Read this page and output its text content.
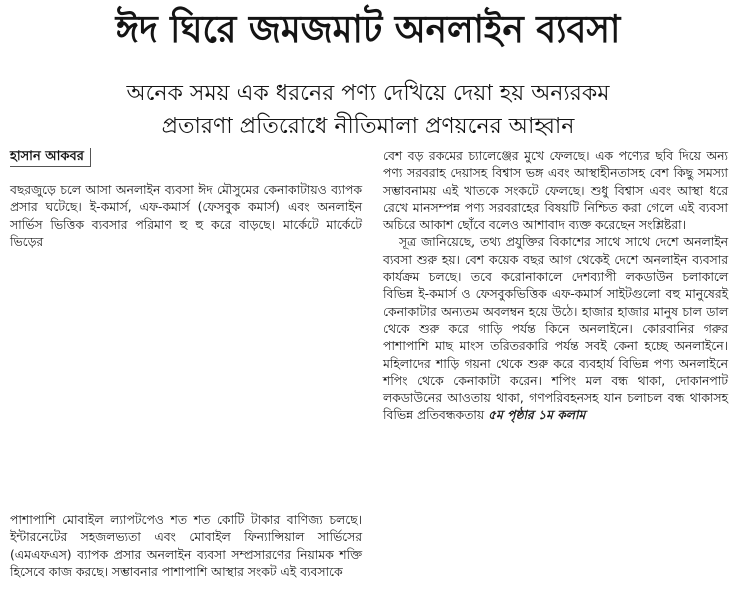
ঈদ ঘিরে জমজমাট অনলাইন ব্যবসা
অনেক সময় এক ধরনের পণ্য দেখিয়ে দেয়া হয় অন্যরকম
প্রতারণা প্রতিরোধে নীতিমালা প্রণয়নের আহ্বান
হাসান আকবর

বছরজুড়ে চলে আসা অনলাইন ব্যবসা ঈদ মৌসুমের কেনাকাটায়ও ব্যাপক প্রসার ঘটেছে। ই-কমার্স, এফ-কমার্স (ফেসবুক কমার্স) এবং অনলাইন সার্ভিস ভিত্তিক ব্যবসার পরিমাণ হু হু করে বাড়ছে। মার্কেটে মার্কেটে ভিড়ের

পাশাপাশি মোবাইল ল্যাপটপেও শত শত কোটি টাকার বাণিজ্য চলছে। ইন্টারনেটের সহজলভ্যতা এবং মোবাইল ফিন্যান্সিয়াল সার্ভিসের (এমএফএস) ব্যাপক প্রসার অনলাইন ব্যবসা সম্প্রসারণের নিয়ামক শক্তি হিসেবে কাজ করছে। সম্ভাবনার পাশাপাশি আস্থার সংকট এই ব্যবসাকে

বেশ বড় রকমের চ্যালেঞ্জের মুখে ফেলছে। এক পণ্যের ছবি দিয়ে অন্য পণ্য সরবরাহ দেয়াসহ বিশ্বাস ভঙ্গ এবং আস্থাহীনতাসহ বেশ কিছু সমস্যা সম্ভাবনাময় এই খাতকে সংকটে ফেলছে। শুধু বিশ্বাস এবং আস্থা ধরে রেখে মানসম্পন্ন পণ্য সরবরাহের বিষয়টি নিশ্চিত করা গেলে এই ব্যবসা অচিরে আকাশ ছোঁবে বলেও আশাবাদ ব্যক্ত করেছেন সংশ্লিষ্টরা।

সূত্র জানিয়েছে, তথ্য প্রযুক্তির বিকাশের সাথে সাথে দেশে অনলাইন ব্যবসা শুরু হয়। বেশ কয়েক বছর আগ থেকেই দেশে অনলাইন ব্যবসার কার্যক্রম চলছে। তবে করোনাকালে দেশব্যাপী লকডাউন চলাকালে বিভিন্ন ই-কমার্স ও ফেসবুকভিত্তিক এফ-কমার্স সাইটগুলো বহু মানুষেরই কেনাকাটার অন্যতম অবলম্বন হয়ে উঠে। হাজার হাজার মানুষ চাল ডাল থেকে শুরু করে গাড়ি পর্যন্ত কিনে অনলাইনে। কোরবানির গরুর পাশাপাশি মাছ মাংস তরিতরকারি পর্যন্ত সবই কেনা হচ্ছে অনলাইনে। মহিলাদের শাড়ি গয়না থেকে শুরু করে ব্যবহার্য বিভিন্ন পণ্য অনলাইনে শপিং থেকে কেনাকাটা করেন। শপিং মল বন্ধ থাকা, দোকানপাট লকডাউনের আওতায় থাকা, গণপরিবহনসহ যান চলাচল বন্ধ থাকাসহ বিভিন্ন প্রতিবন্ধকতায় ৫ম পৃষ্ঠার ১ম কলাম
